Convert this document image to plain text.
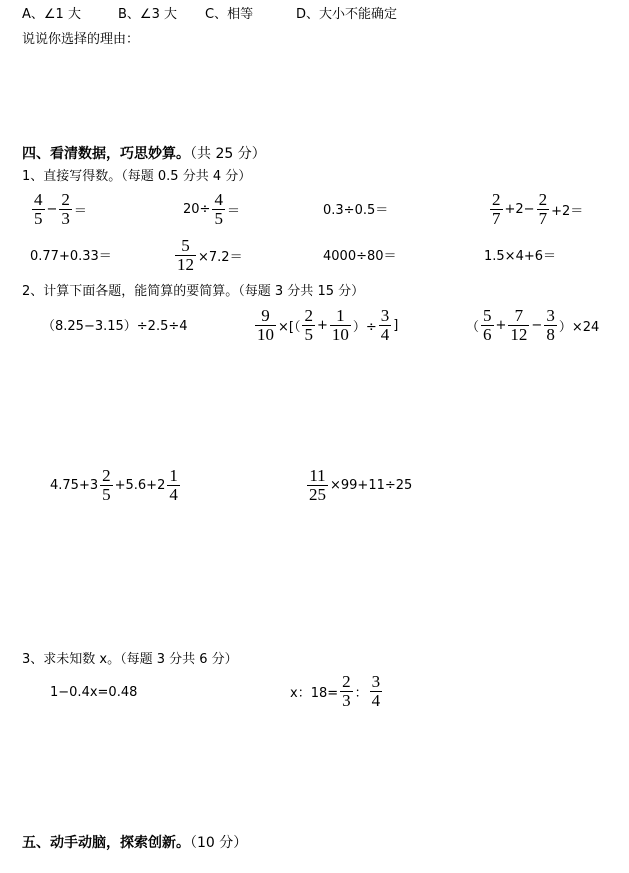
A、∠1 大	B、∠3 大 C、相等	D、大小不能确定
说说你选择的理由：
四、看清数据，巧思妙算。（共 25 分）
1、直接写得数。（每题 0.5 分共 4 分）
$\frac{4}{5} - \frac{2}{3}$ ＝	$20\div \frac{4}{5}$ ＝	0.3÷0.5＝	$\frac{2}{7} +2- \frac{2}{7} +2=$
0.77+0.33＝	$\frac{5}{12} \times 7.2=$	4000÷80＝	1.5×4+6＝
2、计算下面各题，能简算的要简算。（每题 3 分共 15 分）
（8.25−3.15）÷2.5÷4	$\frac{9}{10}$ ×[（ $\frac{2}{5} + \frac{1}{10}$ ）÷ $\frac{3}{4}$ ]	（ $\frac{5}{6} + \frac{7}{12} - \frac{3}{8} )\times 24$
$4.75+3 \frac{2}{5} +5.6+2 \frac{1}{4}$	$\frac{11}{25} \times 99+11\div 25$
3、求未知数 x。（每题 3 分共 6 分）
1−0.4x=0.48	x：$18= \frac{2}{3}$ ： $\frac{3}{4}$
五、动手动脑，探索创新。（10 分）
